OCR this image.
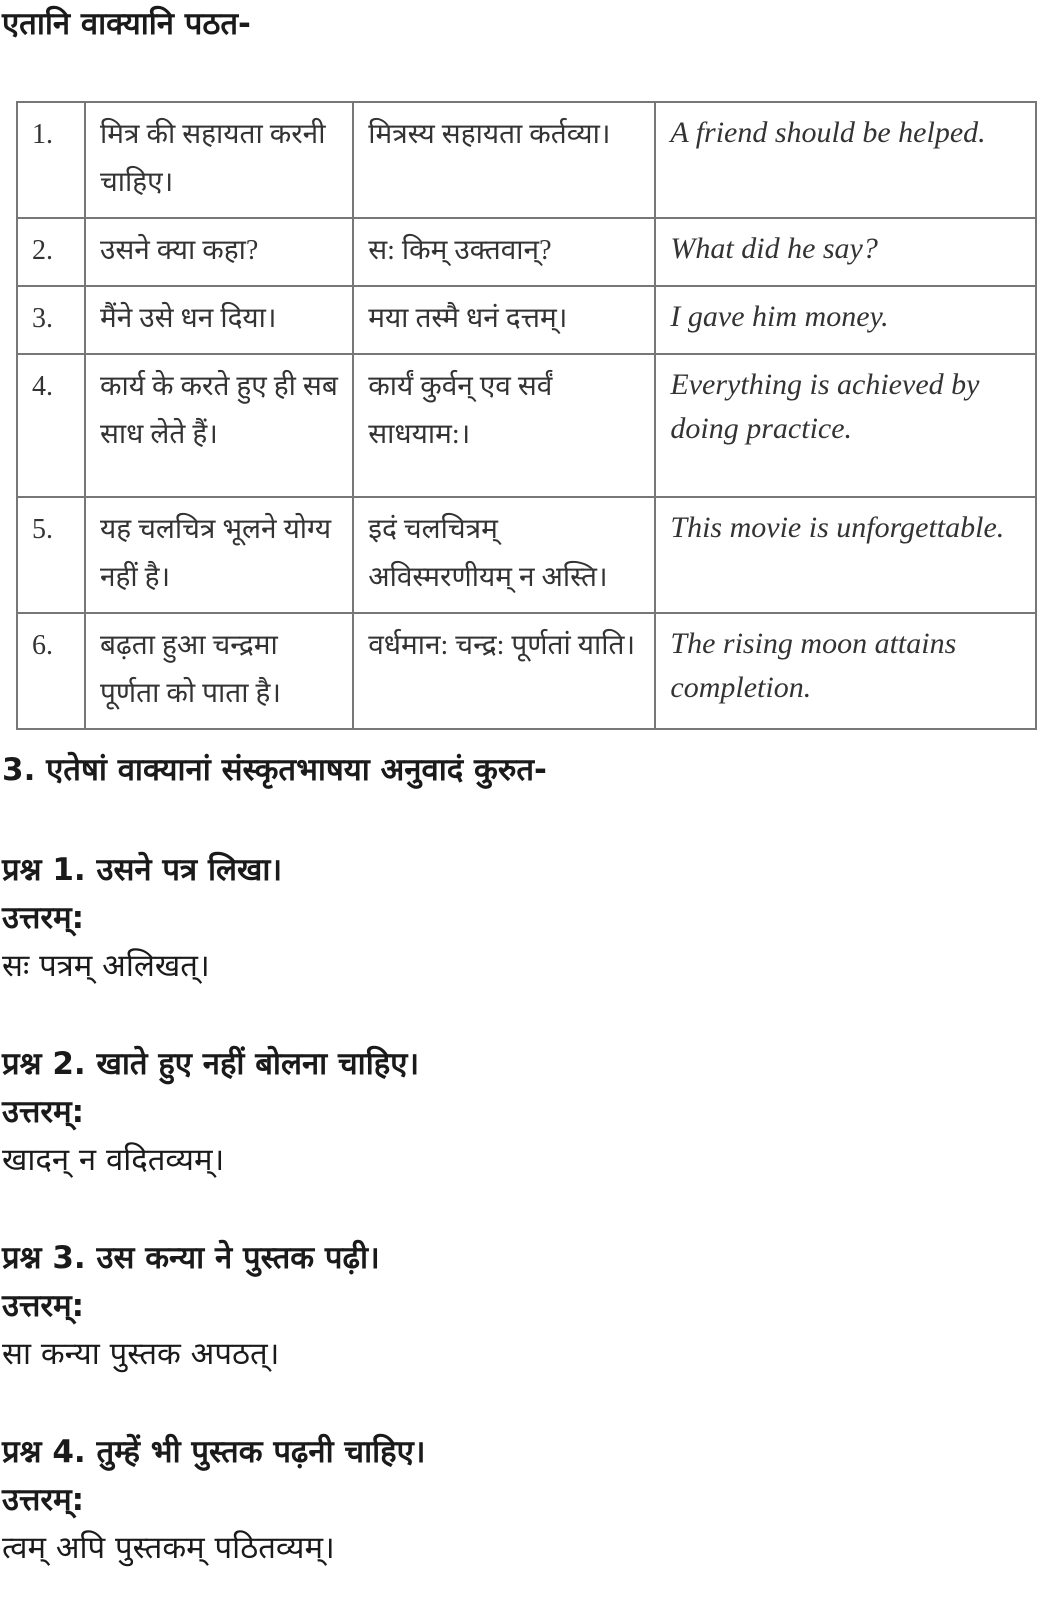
एतानि वाक्यानि पठत-
1.	मित्र की सहायता करनी चाहिए।	मित्रस्य सहायता कर्तव्या।	A friend should be helped.
2.	उसने क्या कहा?	स: किम् उक्तवान्?	What did he say?
3.	मैंने उसे धन दिया।	मया तस्मै धनं दत्तम्।	I gave him money.
4.	कार्य के करते हुए ही सब साध लेते हैं।	कार्यं कुर्वन् एव सर्वं साधयाम:।	Everything is achieved by doing practice.
5.	यह चलचित्र भूलने योग्य नहीं है।	इदं चलचित्रम् अविस्मरणीयम् न अस्ति।	This movie is unforgettable.
6.	बढ़ता हुआ चन्द्रमा पूर्णता को पाता है।	वर्धमान: चन्द्र: पूर्णतां याति।	The rising moon attains completion.
3. एतेषां वाक्यानां संस्कृतभाषया अनुवादं कुरुत-
प्रश्न 1. उसने पत्र लिखा।
उत्तरम्:
सः पत्रम् अलिखत्।
प्रश्न 2. खाते हुए नहीं बोलना चाहिए।
उत्तरम्:
खादन् न वदितव्यम्।
प्रश्न 3. उस कन्या ने पुस्तक पढ़ी।
उत्तरम्:
सा कन्या पुस्तक अपठत्।
प्रश्न 4. तुम्हें भी पुस्तक पढ़नी चाहिए।
उत्तरम्:
त्वम् अपि पुस्तकम् पठितव्यम्।
